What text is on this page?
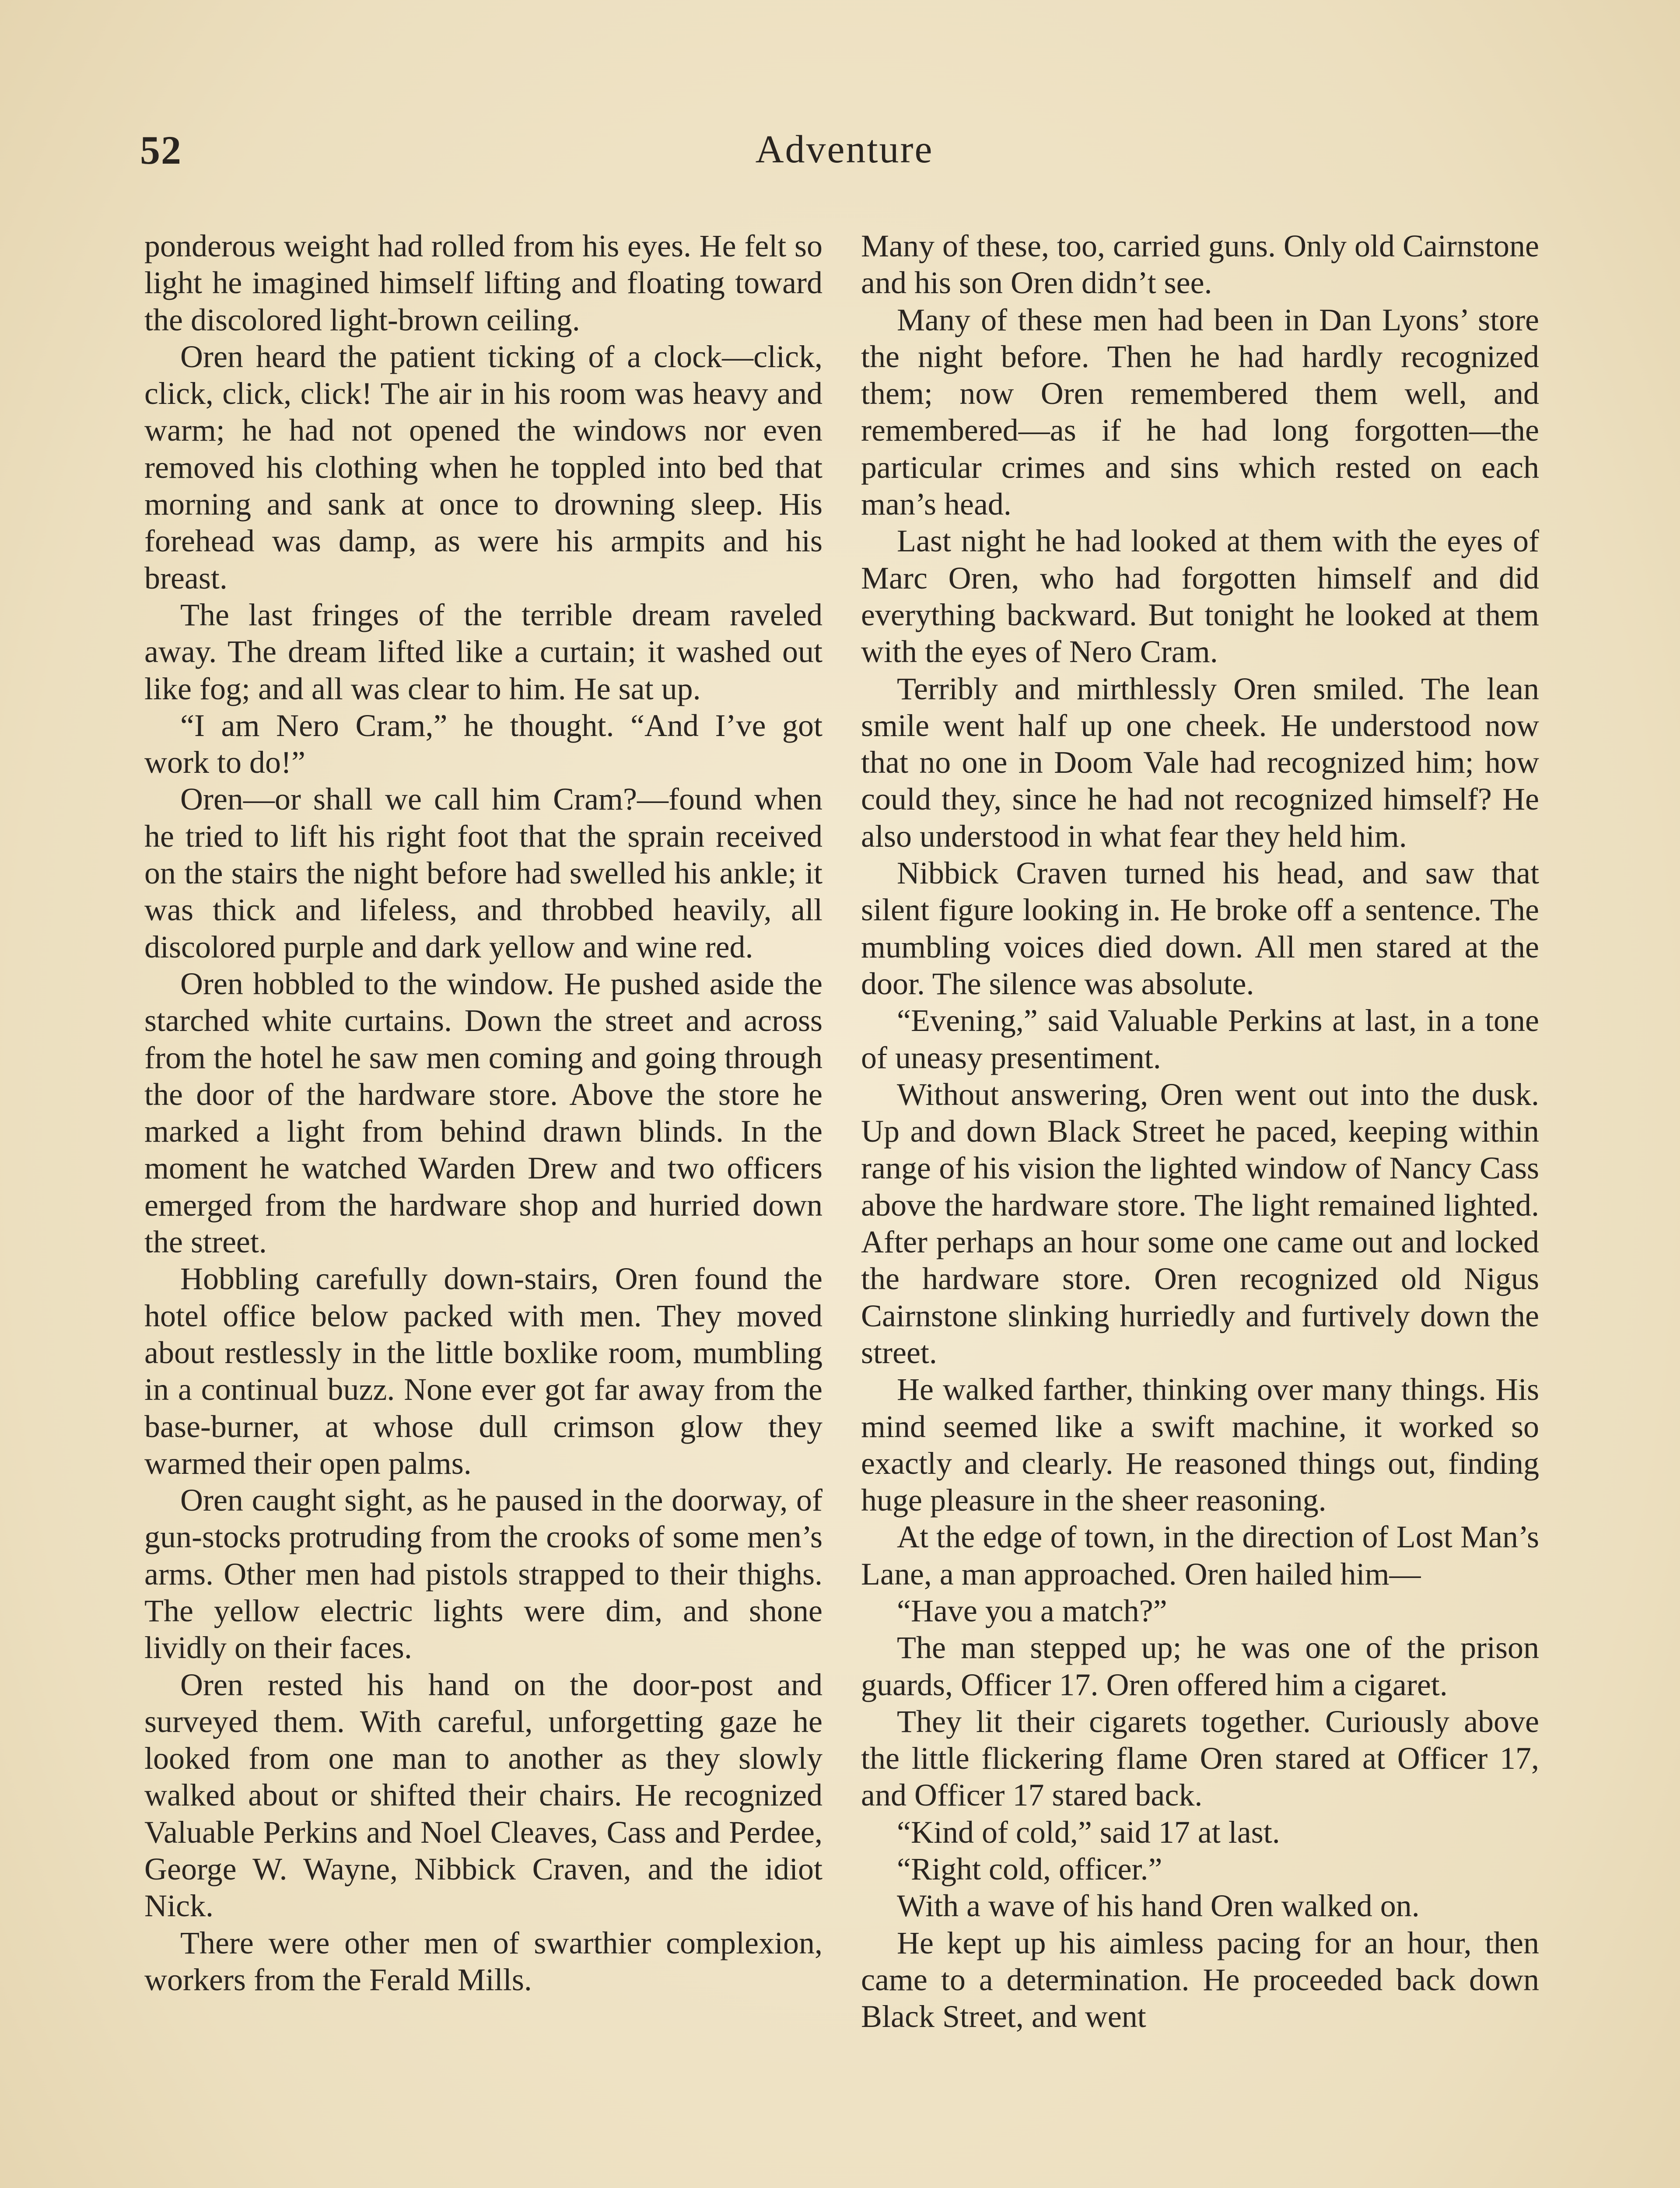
52	Adventure

ponderous weight had rolled from his eyes. He felt so light he imagined himself lifting and floating toward the discolored light-brown ceiling.

Oren heard the patient ticking of a clock—click, click, click, click! The air in his room was heavy and warm; he had not opened the windows nor even removed his clothing when he toppled into bed that morning and sank at once to drowning sleep. His forehead was damp, as were his armpits and his breast.

The last fringes of the terrible dream raveled away. The dream lifted like a curtain; it washed out like fog; and all was clear to him. He sat up.

“I am Nero Cram,” he thought. “And I’ve got work to do!”

Oren—or shall we call him Cram?—found when he tried to lift his right foot that the sprain received on the stairs the night before had swelled his ankle; it was thick and lifeless, and throbbed heavily, all discolored purple and dark yellow and wine red.

Oren hobbled to the window. He pushed aside the starched white curtains. Down the street and across from the hotel he saw men coming and going through the door of the hardware store. Above the store he marked a light from behind drawn blinds. In the moment he watched Warden Drew and two officers emerged from the hardware shop and hurried down the street.

Hobbling carefully down-stairs, Oren found the hotel office below packed with men. They moved about restlessly in the little boxlike room, mumbling in a continual buzz. None ever got far away from the base-burner, at whose dull crimson glow they warmed their open palms.

Oren caught sight, as he paused in the doorway, of gun-stocks protruding from the crooks of some men’s arms. Other men had pistols strapped to their thighs. The yellow electric lights were dim, and shone lividly on their faces.

Oren rested his hand on the door-post and surveyed them. With careful, unforgetting gaze he looked from one man to another as they slowly walked about or shifted their chairs. He recognized Valuable Perkins and Noel Cleaves, Cass and Perdee, George W. Wayne, Nibbick Craven, and the idiot Nick.

There were other men of swarthier complexion, workers from the Ferald Mills.

Many of these, too, carried guns. Only old Cairnstone and his son Oren didn’t see.

Many of these men had been in Dan Lyons’ store the night before. Then he had hardly recognized them; now Oren remembered them well, and remembered—as if he had long forgotten—the particular crimes and sins which rested on each man’s head.

Last night he had looked at them with the eyes of Marc Oren, who had forgotten himself and did everything backward. But tonight he looked at them with the eyes of Nero Cram.

Terribly and mirthlessly Oren smiled. The lean smile went half up one cheek. He understood now that no one in Doom Vale had recognized him; how could they, since he had not recognized himself? He also understood in what fear they held him.

Nibbick Craven turned his head, and saw that silent figure looking in. He broke off a sentence. The mumbling voices died down. All men stared at the door. The silence was absolute.

“Evening,” said Valuable Perkins at last, in a tone of uneasy presentiment.

Without answering, Oren went out into the dusk. Up and down Black Street he paced, keeping within range of his vision the lighted window of Nancy Cass above the hardware store. The light remained lighted. After perhaps an hour some one came out and locked the hardware store. Oren recognized old Nigus Cairnstone slinking hurriedly and furtively down the street.

He walked farther, thinking over many things. His mind seemed like a swift machine, it worked so exactly and clearly. He reasoned things out, finding huge pleasure in the sheer reasoning.

At the edge of town, in the direction of Lost Man’s Lane, a man approached. Oren hailed him—

“Have you a match?”

The man stepped up; he was one of the prison guards, Officer 17. Oren offered him a cigaret.

They lit their cigarets together. Curiously above the little flickering flame Oren stared at Officer 17, and Officer 17 stared back.

“Kind of cold,” said 17 at last.

“Right cold, officer.”

With a wave of his hand Oren walked on.

He kept up his aimless pacing for an hour, then came to a determination. He proceeded back down Black Street, and went
